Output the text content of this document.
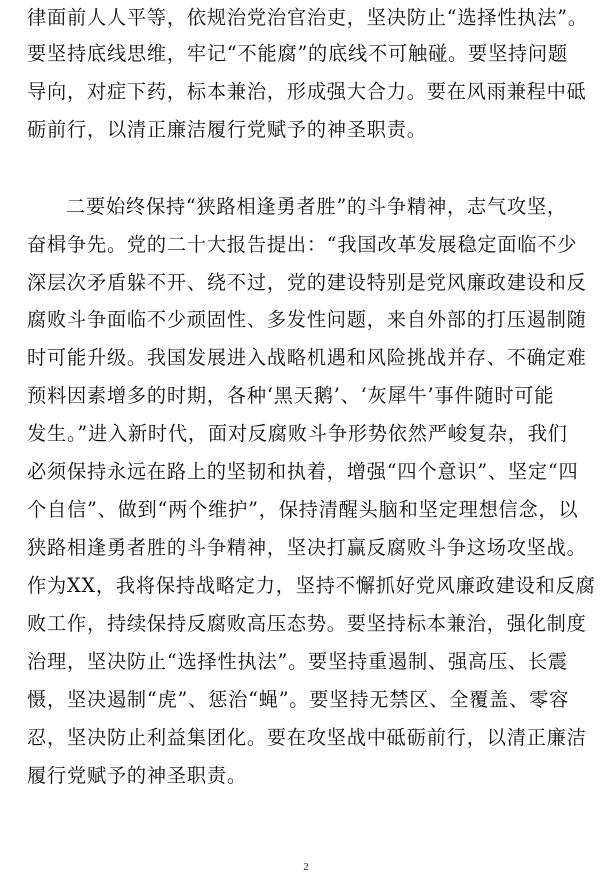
律面前人人平等，依规治党治官治吏，坚决防止“选择性执法”。

要坚持底线思维，牢记“不能腐”的底线不可触碰。要坚持问题

导向，对症下药，标本兼治，形成强大合力。要在风雨兼程中砥

砺前行，以清正廉洁履行党赋予的神圣职责。

二要始终保持“狭路相逢勇者胜”的斗争精神，志气攻坚，

奋楫争先。党的二十大报告提出：“我国改革发展稳定面临不少

深层次矛盾躲不开、绕不过，党的建设特别是党风廉政建设和反

腐败斗争面临不少顽固性、多发性问题，来自外部的打压遏制随

时可能升级。我国发展进入战略机遇和风险挑战并存、不确定难

预料因素增多的时期，各种‘黑天鹅’、‘灰犀牛’事件随时可能

发生。”进入新时代，面对反腐败斗争形势依然严峻复杂，我们

必须保持永远在路上的坚韧和执着，增强“四个意识”、坚定“四

个自信”、做到“两个维护”，保持清醒头脑和坚定理想信念，以

狭路相逢勇者胜的斗争精神，坚决打赢反腐败斗争这场攻坚战。

作为XX，我将保持战略定力，坚持不懈抓好党风廉政建设和反腐

败工作，持续保持反腐败高压态势。要坚持标本兼治，强化制度

治理，坚决防止“选择性执法”。要坚持重遏制、强高压、长震

慑，坚决遏制“虎”、惩治“蝇”。要坚持无禁区、全覆盖、零容

忍，坚决防止利益集团化。要在攻坚战中砥砺前行，以清正廉洁

履行党赋予的神圣职责。

2
